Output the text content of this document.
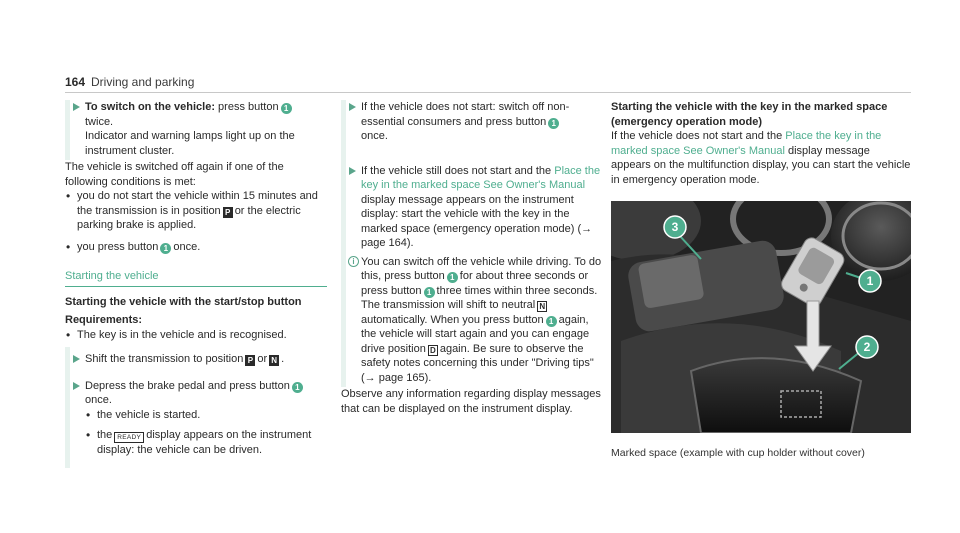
164 Driving and parking
To switch on the vehicle: press button 1
twice.
Indicator and warning lamps light up on the instrument cluster.

The vehicle is switched off again if one of the following conditions is met:

• you do not start the vehicle within 15 minutes and the transmission is in position P or the electric parking brake is applied.
• you press button 1 once.
Starting the vehicle
Starting the vehicle with the start/stop button
Requirements:
• The key is in the vehicle and is recognised.
Shift the transmission to position P or N .
Depress the brake pedal and press button 1
once.
• the vehicle is started.
• the READY display appears on the instrument display: the vehicle can be driven.
If the vehicle does not start: switch off non-essential consumers and press button 1
once.
If the vehicle still does not start and the Place the key in the marked space See Owner's Manual display message appears on the instrument display: start the vehicle with the key in the marked space (emergency operation mode) (→ page 164).
i You can switch off the vehicle while driving. To do this, press button 1 for about three seconds or press button 1 three times within three seconds. The transmission will shift to neutral Nautomatically. When you press button 1 again, the vehicle will start again and you can engage drive position D again. Be sure to observe the safety notes concerning this under "Driving tips" (→ page 165).

Observe any information regarding display messages that can be displayed on the instrument display.

Starting the vehicle with the key in the marked space (emergency operation mode)

If the vehicle does not start and the Place the key in the marked space See Owner's Manual display message appears on the multifunction display, you can start the vehicle in emergency operation mode.

3
1
2
Marked space (example with cup holder without cover)
